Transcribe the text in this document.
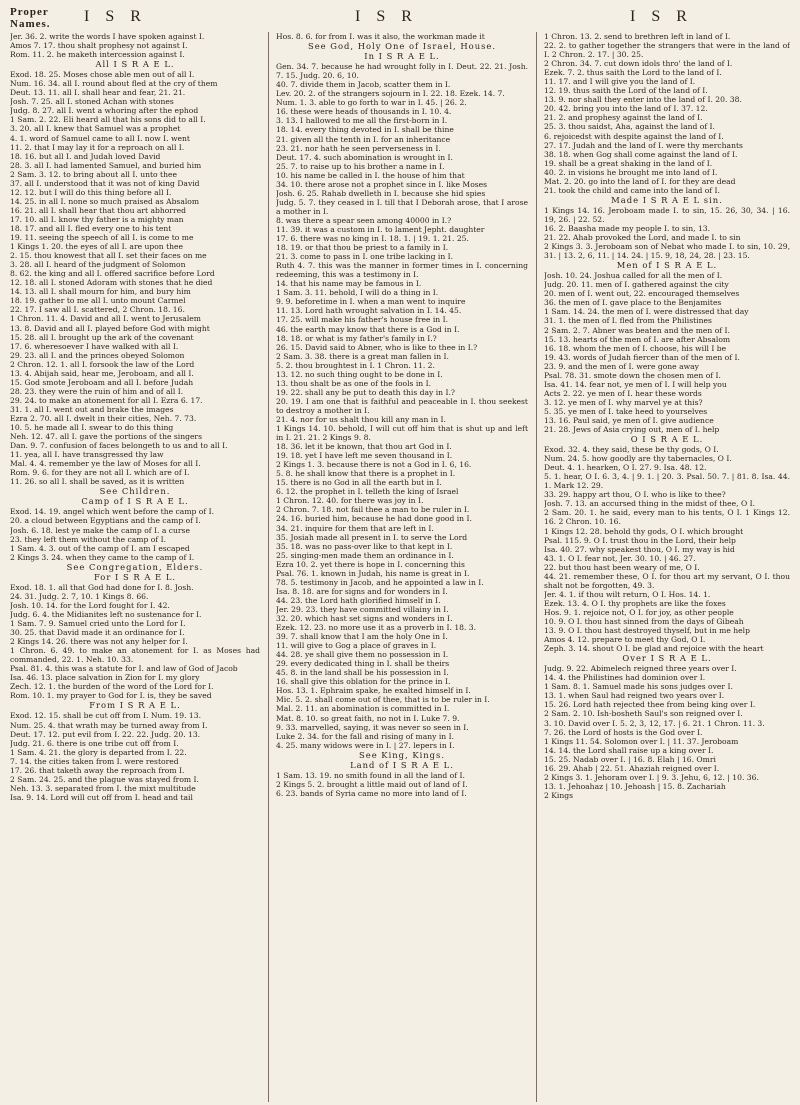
Proper
Names. I S R	I S R	I S R

Jer. 36. 2. write the words I have spoken against I.

Amos 7. 17. thou shalt prophesy not against I.

Rom. 11. 2. he maketh intercession against I.

All I S R A E L.

Exod. 18. 25. Moses chose able men out of all I.

Num. 16. 34. all I. round about fled at the cry of them

Deut. 13. 11. all I. shall hear and fear, 21. 21.

Josh. 7. 25. all I. stoned Achan with stones

Judg. 8. 27. all I. went a whoring after the ephod

1 Sam. 2. 22. Eli heard all that his sons did to all I.

3. 20. all I. knew that Samuel was a prophet

4. 1. word of Samuel came to all I. now I. went

11. 2. that I may lay it for a reproach on all I.

18. 16. but all I. and Judah loved David

28. 3. all I. had lamented Samuel, and buried him

2 Sam. 3. 12. to bring about all I. unto thee

37. all I. understood that it was not of king David

12. 12. but I will do this thing before all I.

14. 25. in all I. none so much praised as Absalom

16. 21. all I. shall hear that thou art abhorred

17. 10. all I. know thy father is a mighty man

18. 17. and all I. fled every one to his tent

19. 11. seeing the speech of all I. is come to me

1 Kings 1. 20. the eyes of all I. are upon thee

2. 15. thou knowest that all I. set their faces on me

3. 28. all I. heard of the judgment of Solomon

8. 62. the king and all I. offered sacrifice before Lord

12. 18. all I. stoned Adoram with stones that he died

14. 13. all I. shall mourn for him, and bury him

18. 19. gather to me all I. unto mount Carmel

22. 17. I saw all I. scattered, 2 Chron. 18. 16.

1 Chron. 11. 4. David and all I. went to Jerusalem

13. 8. David and all I. played before God with might

15. 28. all I. brought up the ark of the covenant

17. 6. wheresoever I have walked with all I.

29. 23. all I. and the princes obeyed Solomon

2 Chron. 12. 1. all I. forsook the law of the Lord

13. 4. Abijah said, hear me, Jeroboam, and all I.

15. God smote Jeroboam and all I. before Judah

28. 23. they were the ruin of him and of all I.

29. 24. to make an atonement for all I. Ezra 6. 17.

31. 1. all I. went out and brake the images

Ezra 2. 70. all I. dwelt in their cities, Neh. 7. 73.

10. 5. he made all I. swear to do this thing

Neh. 12. 47. all I. gave the portions of the singers

Dan. 9. 7. confusion of faces belongeth to us and to all I.

11. yea, all I. have transgressed thy law

Mal. 4. 4. remember ye the law of Moses for all I.

Rom. 9. 6. for they are not all I. which are of I.

11. 26. so all I. shall be saved, as it is written

See Children.

Camp of I S R A E L.

Exod. 14. 19. angel which went before the camp of I.

20. a cloud between Egyptians and the camp of I.

Josh. 6. 18. lest ye make the camp of I. a curse

23. they left them without the camp of I.

1 Sam. 4. 3. out of the camp of I. am I escaped

2 Kings 3. 24. when they came to the camp of I.

See Congregation, Elders.

For I S R A E L.

Exod. 18. 1. all that God had done for I. 8. Josh.

24. 31. Judg. 2. 7, 10. 1 Kings 8. 66.

Josh. 10. 14. for the Lord fought for I. 42.

Judg. 6. 4. the Midianites left no sustenance for I.

1 Sam. 7. 9. Samuel cried unto the Lord for I.

30. 25. that David made it an ordinance for I.

2 Kings 14. 26. there was not any helper for I.

1 Chron. 6. 49. to make an atonement for I. as Moses had commanded, 22. 1. Neh. 10. 33.

Psal. 81. 4. this was a statute for I. and law of God of Jacob

Isa. 46. 13. place salvation in Zion for I. my glory

Zech. 12. 1. the burden of the word of the Lord for I.

Rom. 10. 1. my prayer to God for I. is, they be saved

From I S R A E L.

Exod. 12. 15. shall be cut off from I. Num. 19. 13.

Num. 25. 4. that wrath may be turned away from I.

Deut. 17. 12. put evil from I. 22. 22. Judg. 20. 13.

Judg. 21. 6. there is one tribe cut off from I.

1 Sam. 4. 21. the glory is departed from I. 22.

7. 14. the cities taken from I. were restored

17. 26. that taketh away the reproach from I.

2 Sam. 24. 25. and the plague was stayed from I.

Neh. 13. 3. separated from I. the mixt multitude

Isa. 9. 14. Lord will cut off from I. head and tail

Hos. 8. 6. for from I. was it also, the workman made it

See God, Holy One of Israel, House.

In I S R A E L.

Gen. 34. 7. because he had wrought folly in I. Deut. 22. 21. Josh. 7. 15. Judg. 20. 6, 10.

40. 7. divide them in Jacob, scatter them in I.

Lev. 20. 2. of the strangers sojourn in I. 22. 18. Ezek. 14. 7.

Num. 1. 3. able to go forth to war in I. 45. | 26. 2.

16. these were heads of thousands in I. 10. 4.

3. 13. I hallowed to me all the first-born in I.

18. 14. every thing devoted in I. shall be thine

21. given all the tenth in I. for an inheritance

23. 21. nor hath he seen perverseness in I.

Deut. 17. 4. such abomination is wrought in I.

25. 7. to raise up to his brother a name in I.

10. his name be called in I. the house of him that

34. 10. there arose not a prophet since in I. like Moses

Josh. 6. 25. Rahab dwelleth in I. because she hid spies

Judg. 5. 7. they ceased in I. till that I Deborah arose, that I arose a mother in I.

8. was there a spear seen among 40000 in I.?

11. 39. it was a custom in I. to lament Jepht. daughter

17. 6. there was no king in I. 18. 1. | 19. 1. 21. 25.

18. 19. or that thou be priest to a family in I.

21. 3. come to pass in I. one tribe lacking in I.

Ruth 4. 7. this was the manner in former times in I. concerning redeeming, this was a testimony in I.

14. that his name may be famous in I.

1 Sam. 3. 11. behold, I will do a thing in I.

9. 9. beforetime in I. when a man went to inquire

11. 13. Lord hath wrought salvation in I. 14. 45.

17. 25. will make his father's house free in I.

46. the earth may know that there is a God in I.

18. 18. or what is my father's family in I.?

26. 15. David said to Abner, who is like to thee in I.?

2 Sam. 3. 38. there is a great man fallen in I.

5. 2. thou broughtest in I. 1 Chron. 11. 2.

13. 12. no such thing ought to be done in I.

13. thou shalt be as one of the fools in I.

19. 22. shall any be put to death this day in I.?

20. 19. I am one that is faithful and peaceable in I. thou seekest to destroy a mother in I.

21. 4. nor for us shalt thou kill any man in I.

1 Kings 14. 10. behold, I will cut off him that is shut up and left in I. 21. 21. 2 Kings 9. 8.

18. 36. let it be known, that thou art God in I.

19. 18. yet I have left me seven thousand in I.

2 Kings 1. 3. because there is not a God in I. 6, 16.

5. 8. he shall know that there is a prophet in I.

15. there is no God in all the earth but in I.

6. 12. the prophet in I. telleth the king of Israel

1 Chron. 12. 40. for there was joy in I.

2 Chron. 7. 18. not fail thee a man to be ruler in I.

24. 16. buried him, because he had done good in I.

34. 21. inquire for them that are left in I.

35. Josiah made all present in I. to serve the Lord

35. 18. was no pass-over like to that kept in I.

25. singing-men made them an ordinance in I.

Ezra 10. 2. yet there is hope in I. concerning this

Psal. 76. 1. known in Judah, his name is great in I.

78. 5. testimony in Jacob, and he appointed a law in I.

Isa. 8. 18. are for signs and for wonders in I.

44. 23. the Lord hath glorified himself in I.

Jer. 29. 23. they have committed villainy in I.

32. 20. which hast set signs and wonders in I.

Ezek. 12. 23. no more use it as a proverb in I. 18. 3.

39. 7. shall know that I am the holy One in I.

11. will give to Gog a place of graves in I.

44. 28. ye shall give them no possession in I.

29. every dedicated thing in I. shall be theirs

45. 8. in the land shall be his possession in I.

16. shall give this oblation for the prince in I.

Hos. 13. 1. Ephraim spake, he exalted himself in I.

Mic. 5. 2. shall come out of thee, that is to be ruler in I.

Mal. 2. 11. an abomination is committed in I.

Mat. 8. 10. so great faith, no not in I. Luke 7. 9.

9. 33. marvelled, saying, it was never so seen in I.

Luke 2. 34. for the fall and rising of many in I.

4. 25. many widows were in I. | 27. lepers in I.

See King, Kings.

Land of I S R A E L.

1 Sam. 13. 19. no smith found in all the land of I.

2 Kings 5. 2. brought a little maid out of land of I.

6. 23. bands of Syria came no more into land of I.

1 Chron. 13. 2. send to brethren left in land of I.

22. 2. to gather together the strangers that were in the land of I. 2 Chron. 2. 17. | 30. 25.

2 Chron. 34. 7. cut down idols thro' the land of I.

Ezek. 7. 2. thus saith the Lord to the land of I.

11. 17. and I will give you the land of I.

12. 19. thus saith the Lord of the land of I.

13. 9. nor shall they enter into the land of I. 20. 38.

20. 42. bring you into the land of I. 37. 12.

21. 2. and prophesy against the land of I.

25. 3. thou saidst, Aha, against the land of I.

6. rejoicedst with despite against the land of I.

27. 17. Judah and the land of I. were thy merchants

38. 18. when Gog shall come against the land of I.

19. shall be a great shaking in the land of I.

40. 2. in visions he brought me into land of I.

Mat. 2. 20. go into the land of I. for they are dead

21. took the child and came into the land of I.

Made I S R A E L sin.

1 Kings 14. 16. Jeroboam made I. to sin, 15. 26, 30, 34. | 16. 19, 26. | 22. 52.

16. 2. Baasha made my people I. to sin, 13.

21. 22. Ahab provoked the Lord, and made I. to sin

2 Kings 3. 3. Jeroboam son of Nebat who made I. to sin, 10. 29, 31. | 13. 2, 6, 11. | 14. 24. | 15. 9, 18, 24, 28. | 23. 15.

Men of I S R A E L.

Josh. 10. 24. Joshua called for all the men of I.

Judg. 20. 11. men of I. gathered against the city

20. men of I. went out, 22. encouraged themselves

36. the men of I. gave place to the Benjamites

1 Sam. 14. 24. the men of I. were distressed that day

31. 1. the men of I. fled from the Philistines

2 Sam. 2. 7. Abner was beaten and the men of I.

15. 13. hearts of the men of I. are after Absalom

16. 18. whom the men of I. choose, his will I be

19. 43. words of Judah fiercer than of the men of I.

23. 9. and the men of I. were gone away

Psal. 78. 31. smote down the chosen men of I.

Isa. 41. 14. fear not, ye men of I. I will help you

Acts 2. 22. ye men of I. hear these words

3. 12. ye men of I. why marvel ye at this?

5. 35. ye men of I. take heed to yourselves

13. 16. Paul said, ye men of I. give audience

21. 28. Jews of Asia crying out, men of I. help

O I S R A E L.

Exod. 32. 4. they said, these be thy gods, O I.

Num. 24. 5. how goodly are thy tabernacles, O I.

Deut. 4. 1. hearken, O I. 27. 9. Isa. 48. 12.

5. 1. hear, O I. 6. 3, 4. | 9. 1. | 20. 3. Psal. 50. 7. | 81. 8. Isa. 44. 1. Mark 12. 29.

33. 29. happy art thou, O I. who is like to thee?

Josh. 7. 13. an accursed thing in the midst of thee, O I.

2 Sam. 20. 1. he said, every man to his tents, O I. 1 Kings 12. 16. 2 Chron. 10. 16.

1 Kings 12. 28. behold thy gods, O I. which brought

Psal. 115. 9. O I. trust thou in the Lord, their help

Isa. 40. 27. why speakest thou, O I. my way is hid

43. 1. O I. fear not, Jer. 30. 10. | 46. 27.

22. but thou hast been weary of me, O I.

44. 21. remember these, O I. for thou art my servant, O I. thou shalt not be forgotten, 49. 3.

Jer. 4. 1. if thou wilt return, O I. Hos. 14. 1.

Ezek. 13. 4. O I. thy prophets are like the foxes

Hos. 9. 1. rejoice not, O I. for joy, as other people

10. 9. O I. thou hast sinned from the days of Gibeah

13. 9. O I. thou hast destroyed thyself, but in me help

Amos 4. 12. prepare to meet thy God, O I.

Zeph. 3. 14. shout O I. be glad and rejoice with the heart

Over I S R A E L.

Judg. 9. 22. Abimelech reigned three years over I.

14. 4. the Philistines had dominion over I.

1 Sam. 8. 1. Samuel made his sons judges over I.

13. 1. when Saul had reigned two years over I.

15. 26. Lord hath rejected thee from being king over I.

2 Sam. 2. 10. Ish-bosheth Saul's son reigned over I.

3. 10. David over I. 5. 2, 3, 12, 17. | 6. 21. 1 Chron. 11. 3.

7. 26. the Lord of hosts is the God over I.

1 Kings 11. 54. Solomon over I. | 11. 37. Jeroboam

14. 14. the Lord shall raise up a king over I.

15. 25. Nadab over I. | 16. 8. Elah | 16. Omri

16. 29. Ahab | 22. 51. Ahaziah reigned over I.

2 Kings 3. 1. Jehoram over I. | 9. 3. Jehu, 6, 12. | 10. 36.

13. 1. Jehoahaz | 10. Jehoash | 15. 8. Zachariah

2 Kings
